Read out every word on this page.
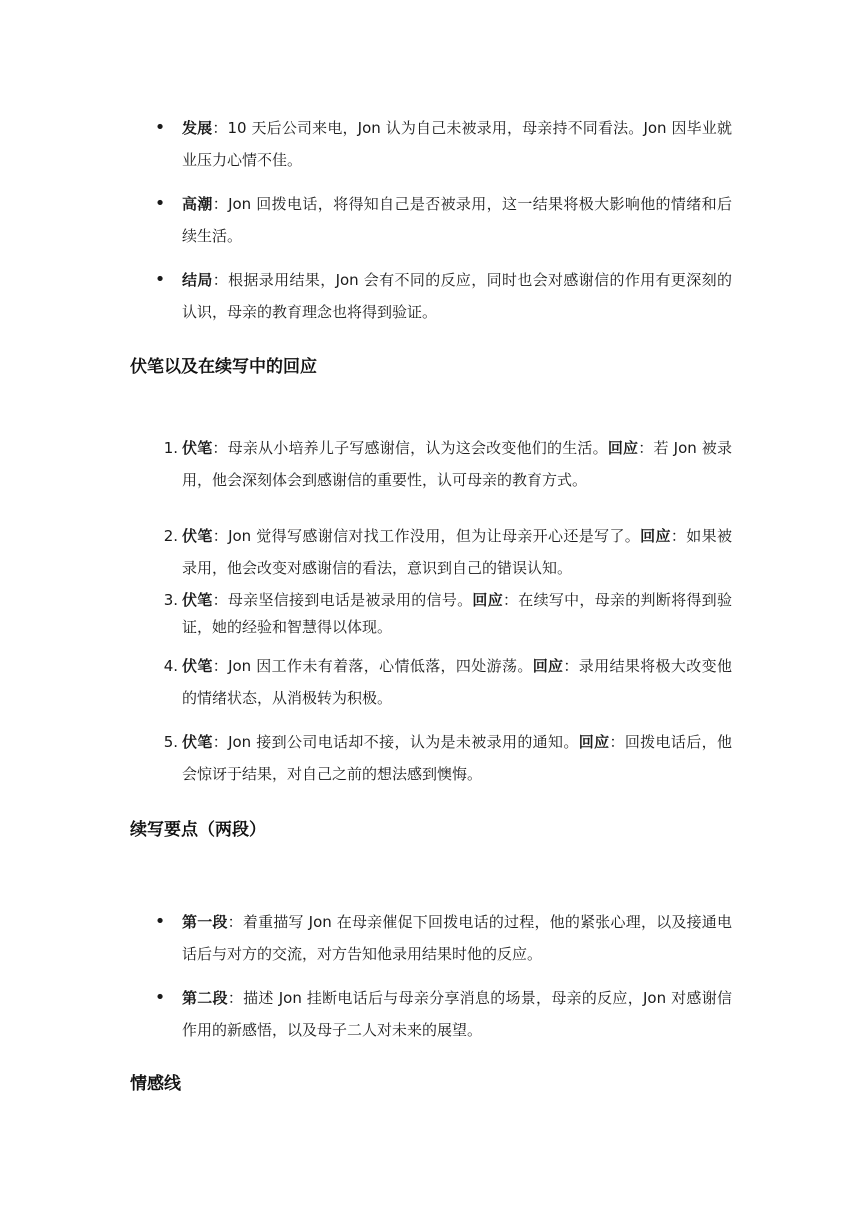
•	发展：10 天后公司来电，Jon 认为自己未被录用，母亲持不同看法。Jon 因毕业就业压力心情不佳。
•	高潮：Jon 回拨电话，将得知自己是否被录用，这一结果将极大影响他的情绪和后续生活。
•	结局：根据录用结果，Jon 会有不同的反应，同时也会对感谢信的作用有更深刻的认识，母亲的教育理念也将得到验证。
伏笔以及在续写中的回应
1. 伏笔：母亲从小培养儿子写感谢信，认为这会改变他们的生活。回应：若 Jon 被录用，他会深刻体会到感谢信的重要性，认可母亲的教育方式。
2. 伏笔：Jon 觉得写感谢信对找工作没用，但为让母亲开心还是写了。回应：如果被录用，他会改变对感谢信的看法，意识到自己的错误认知。
3. 伏笔：母亲坚信接到电话是被录用的信号。回应：在续写中，母亲的判断将得到验证，她的经验和智慧得以体现。
4. 伏笔：Jon 因工作未有着落，心情低落，四处游荡。回应：录用结果将极大改变他的情绪状态，从消极转为积极。
5. 伏笔：Jon 接到公司电话却不接，认为是未被录用的通知。回应：回拨电话后，他会惊讶于结果，对自己之前的想法感到懊悔。
续写要点（两段）
•	第一段：着重描写 Jon 在母亲催促下回拨电话的过程，他的紧张心理，以及接通电话后与对方的交流，对方告知他录用结果时他的反应。
•	第二段：描述 Jon 挂断电话后与母亲分享消息的场景，母亲的反应，Jon 对感谢信作用的新感悟，以及母子二人对未来的展望。
情感线
